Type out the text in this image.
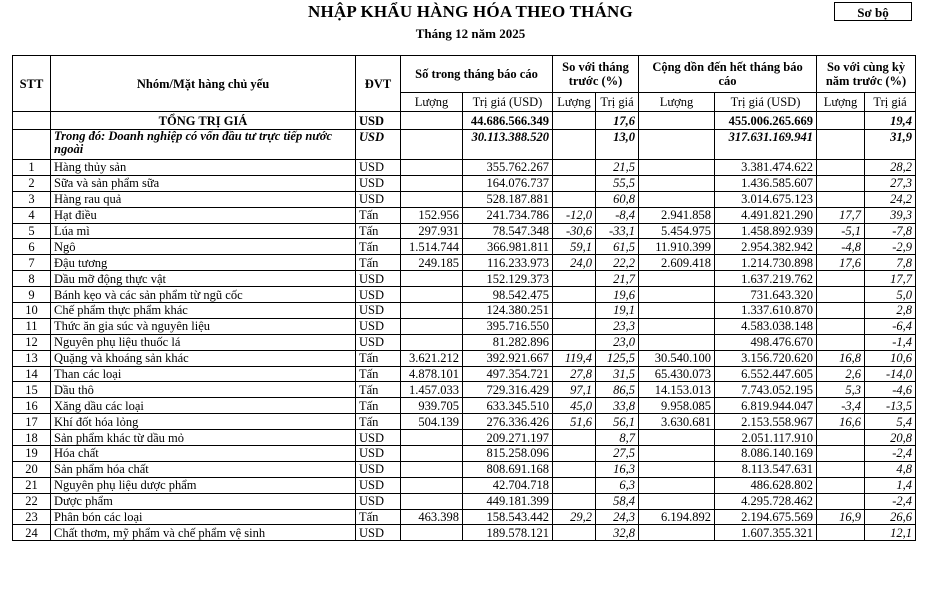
NHẬP KHẨU HÀNG HÓA THEO THÁNG
Tháng 12 năm 2025
Sơ bộ
STT	Nhóm/Mặt hàng chủ yếu	ĐVT	Số trong tháng báo cáo		So với tháng trước (%)		Cộng dồn đến hết tháng báo cáo		So với cùng kỳ năm trước (%)	
			Lượng	Trị giá (USD)	Lượng	Trị giá	Lượng	Trị giá (USD)	Lượng	Trị giá
	TỔNG TRỊ GIÁ	USD		44.686.566.349		17,6		455.006.265.669		19,4
	Trong đó: Doanh nghiệp có vốn đầu tư trực tiếp nước ngoài	USD		30.113.388.520		13,0		317.631.169.941		31,9
1	Hàng thủy sản	USD		355.762.267		21,5		3.381.474.622		28,2
2	Sữa và sản phẩm sữa	USD		164.076.737		55,5		1.436.585.607		27,3
3	Hàng rau quả	USD		528.187.881		60,8		3.014.675.123		24,2
4	Hạt điều	Tấn	152.956	241.734.786	-12,0	-8,4	2.941.858	4.491.821.290	17,7	39,3
5	Lúa mì	Tấn	297.931	78.547.348	-30,6	-33,1	5.454.975	1.458.892.939	-5,1	-7,8
6	Ngô	Tấn	1.514.744	366.981.811	59,1	61,5	11.910.399	2.954.382.942	-4,8	-2,9
7	Đậu tương	Tấn	249.185	116.233.973	24,0	22,2	2.609.418	1.214.730.898	17,6	7,8
8	Dầu mỡ động thực vật	USD		152.129.373		21,7		1.637.219.762		17,7
9	Bánh kẹo và các sản phẩm từ ngũ cốc	USD		98.542.475		19,6		731.643.320		5,0
10	Chế phẩm thực phẩm khác	USD		124.380.251		19,1		1.337.610.870		2,8
11	Thức ăn gia súc và nguyên liệu	USD		395.716.550		23,3		4.583.038.148		-6,4
12	Nguyên phụ liệu thuốc lá	USD		81.282.896		23,0		498.476.670		-1,4
13	Quặng và khoáng sản khác	Tấn	3.621.212	392.921.667	119,4	125,5	30.540.100	3.156.720.620	16,8	10,6
14	Than các loại	Tấn	4.878.101	497.354.721	27,8	31,5	65.430.073	6.552.447.605	2,6	-14,0
15	Dầu thô	Tấn	1.457.033	729.316.429	97,1	86,5	14.153.013	7.743.052.195	5,3	-4,6
16	Xăng dầu các loại	Tấn	939.705	633.345.510	45,0	33,8	9.958.085	6.819.944.047	-3,4	-13,5
17	Khí đốt hóa lỏng	Tấn	504.139	276.336.426	51,6	56,1	3.630.681	2.153.558.967	16,6	5,4
18	Sản phẩm khác từ dầu mỏ	USD		209.271.197		8,7		2.051.117.910		20,8
19	Hóa chất	USD		815.258.096		27,5		8.086.140.169		-2,4
20	Sản phẩm hóa chất	USD		808.691.168		16,3		8.113.547.631		4,8
21	Nguyên phụ liệu dược phẩm	USD		42.704.718		6,3		486.628.802		1,4
22	Dược phẩm	USD		449.181.399		58,4		4.295.728.462		-2,4
23	Phân bón các loại	Tấn	463.398	158.543.442	29,2	24,3	6.194.892	2.194.675.569	16,9	26,6
24	Chất thơm, mỹ phẩm và chế phẩm vệ sinh	USD		189.578.121		32,8		1.607.355.321		12,1
